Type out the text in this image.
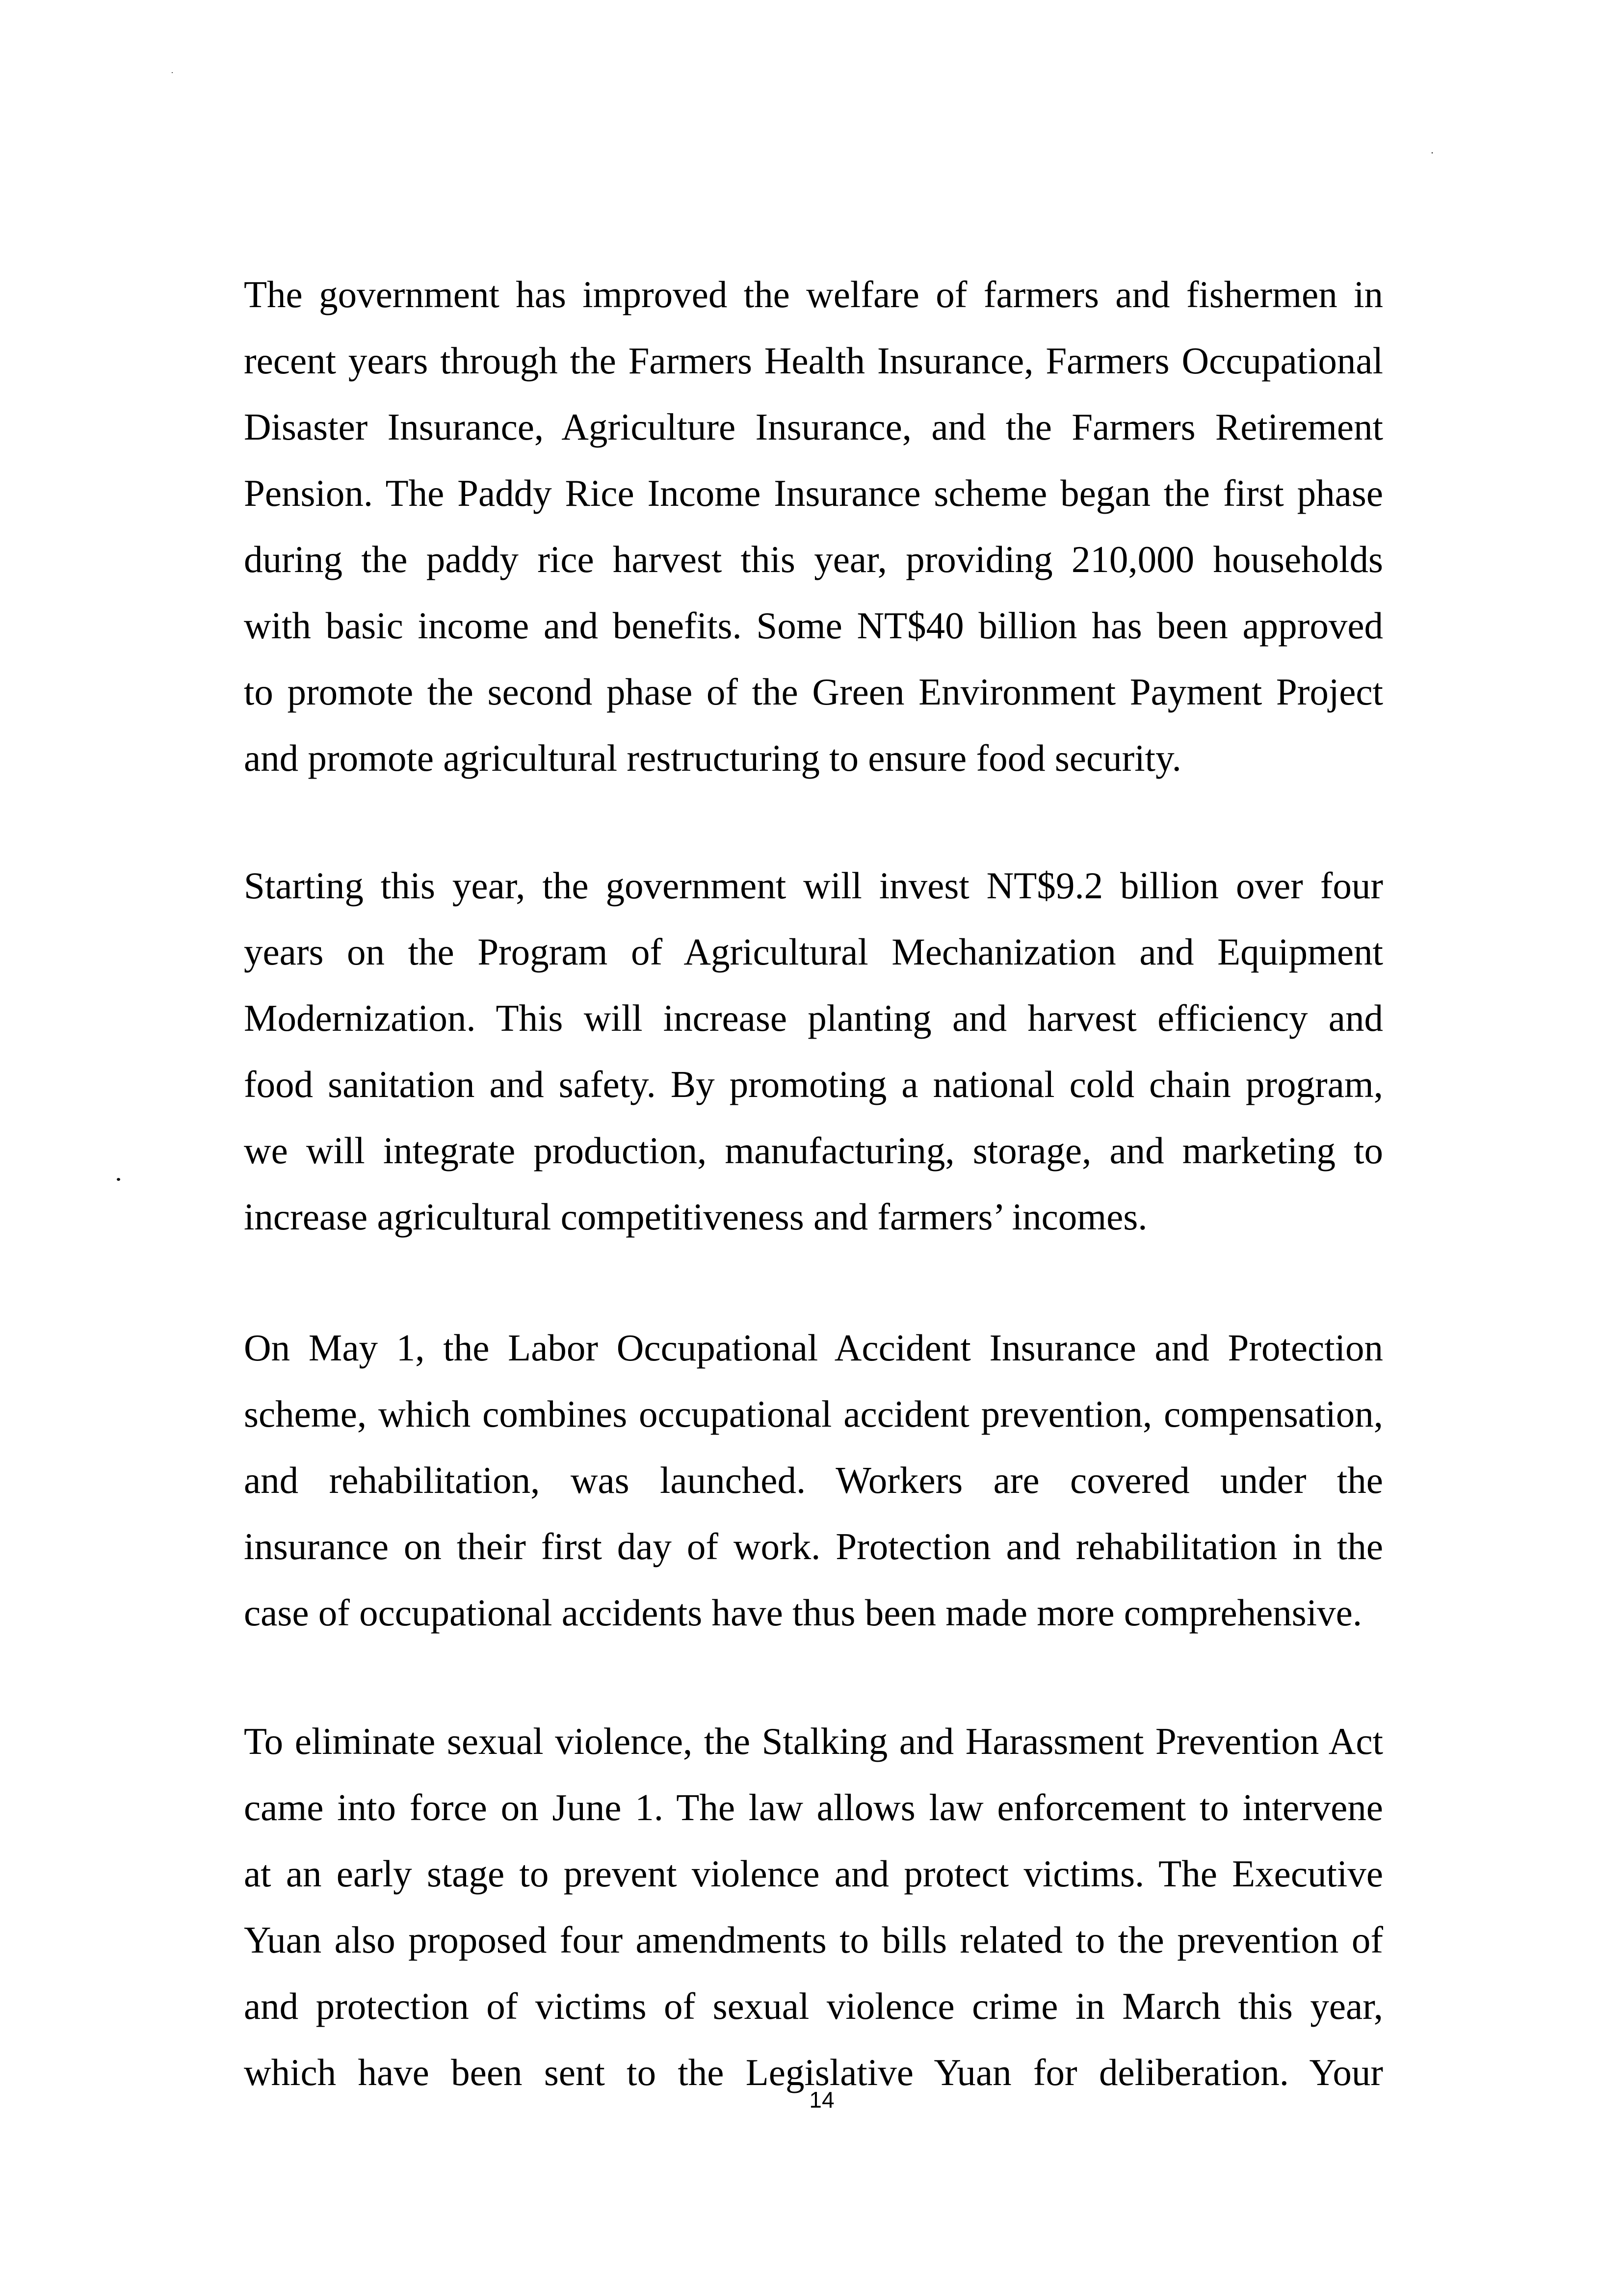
The government has improved the welfare of farmers and fishermen in
recent years through the Farmers Health Insurance, Farmers Occupational
Disaster Insurance, Agriculture Insurance, and the Farmers Retirement
Pension. The Paddy Rice Income Insurance scheme began the first phase
during the paddy rice harvest this year, providing 210,000 households
with basic income and benefits. Some NT$40 billion has been approved
to promote the second phase of the Green Environment Payment Project
and promote agricultural restructuring to ensure food security.
Starting this year, the government will invest NT$9.2 billion over four
years on the Program of Agricultural Mechanization and Equipment
Modernization. This will increase planting and harvest efficiency and
food sanitation and safety. By promoting a national cold chain program,
we will integrate production, manufacturing, storage, and marketing to
increase agricultural competitiveness and farmers’ incomes.
On May 1, the Labor Occupational Accident Insurance and Protection
scheme, which combines occupational accident prevention, compensation,
and rehabilitation, was launched. Workers are covered under the
insurance on their first day of work. Protection and rehabilitation in the
case of occupational accidents have thus been made more comprehensive.
To eliminate sexual violence, the Stalking and Harassment Prevention Act
came into force on June 1. The law allows law enforcement to intervene
at an early stage to prevent violence and protect victims. The Executive
Yuan also proposed four amendments to bills related to the prevention of
and protection of victims of sexual violence crime in March this year,
which have been sent to the Legislative Yuan for deliberation. Your
14
